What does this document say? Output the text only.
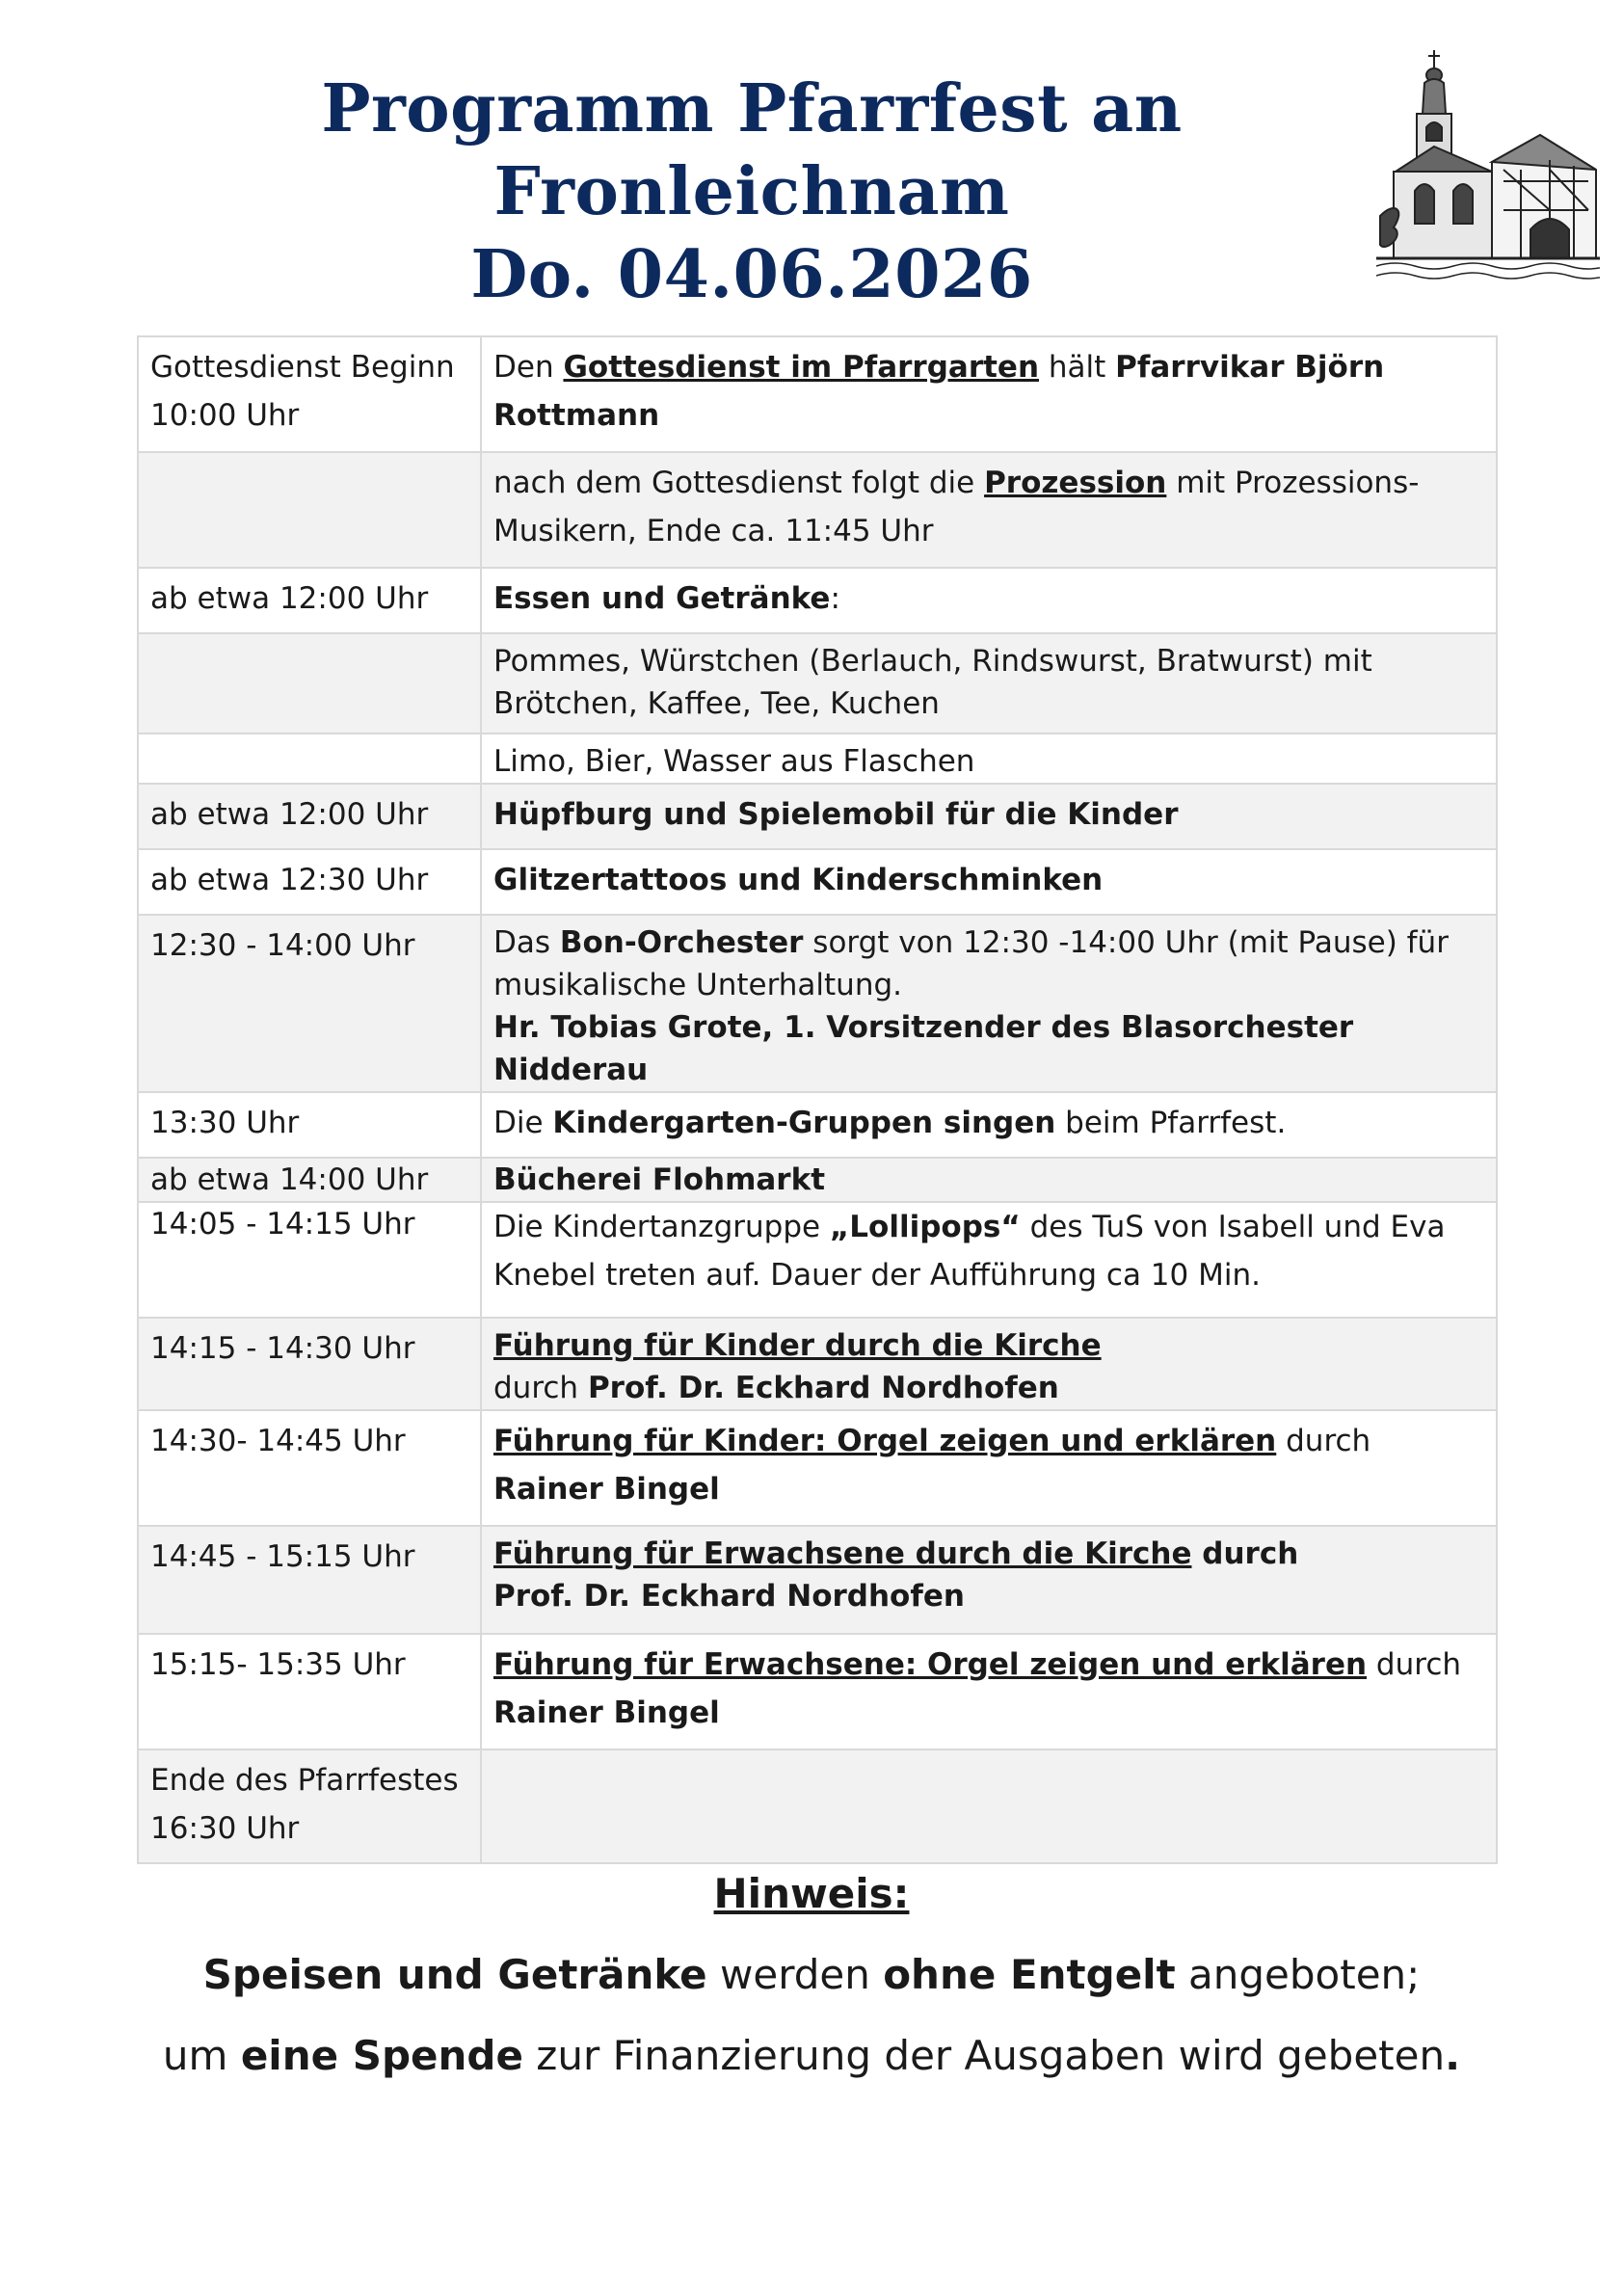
Programm Pfarrfest an
Fronleichnam
Do. 04.06.2026
Gottesdienst Beginn
10:00 Uhr	Den Gottesdienst im Pfarrgarten hält Pfarrvikar Björn Rottmann

	nach dem Gottesdienst folgt die Prozession mit Prozessions-
Musikern, Ende ca. 11:45 Uhr

ab etwa 12:00 Uhr	Essen und Getränke:

	Pommes, Würstchen (Berlauch, Rindswurst, Bratwurst) mit
Brötchen, Kaffee, Tee, Kuchen

	Limo, Bier, Wasser aus Flaschen

ab etwa 12:00 Uhr	Hüpfburg und Spielemobil für die Kinder

ab etwa 12:30 Uhr	Glitzertattoos und Kinderschminken

12:30 - 14:00 Uhr	Das Bon-Orchester sorgt von 12:30 -14:00 Uhr (mit Pause) für
musikalische Unterhaltung.
Hr. Tobias Grote, 1. Vorsitzender des Blasorchester Nidderau

13:30 Uhr	Die Kindergarten-Gruppen singen beim Pfarrfest.

ab etwa 14:00 Uhr	Bücherei Flohmarkt

14:05 - 14:15 Uhr	Die Kindertanzgruppe „Lollipops“ des TuS von Isabell und Eva
Knebel treten auf. Dauer der Aufführung ca 10 Min.

14:15 - 14:30 Uhr	Führung für Kinder durch die Kirche
durch Prof. Dr. Eckhard Nordhofen

14:30- 14:45 Uhr	Führung für Kinder: Orgel zeigen und erklären durch
Rainer Bingel

14:45 - 15:15 Uhr	Führung für Erwachsene durch die Kirche durch
Prof. Dr. Eckhard Nordhofen

15:15- 15:35 Uhr	Führung für Erwachsene: Orgel zeigen und erklären durch
Rainer Bingel

Ende des Pfarrfestes
16:30 Uhr	

Hinweis:
Speisen und Getränke werden ohne Entgelt angeboten;
um eine Spende zur Finanzierung der Ausgaben wird gebeten.
